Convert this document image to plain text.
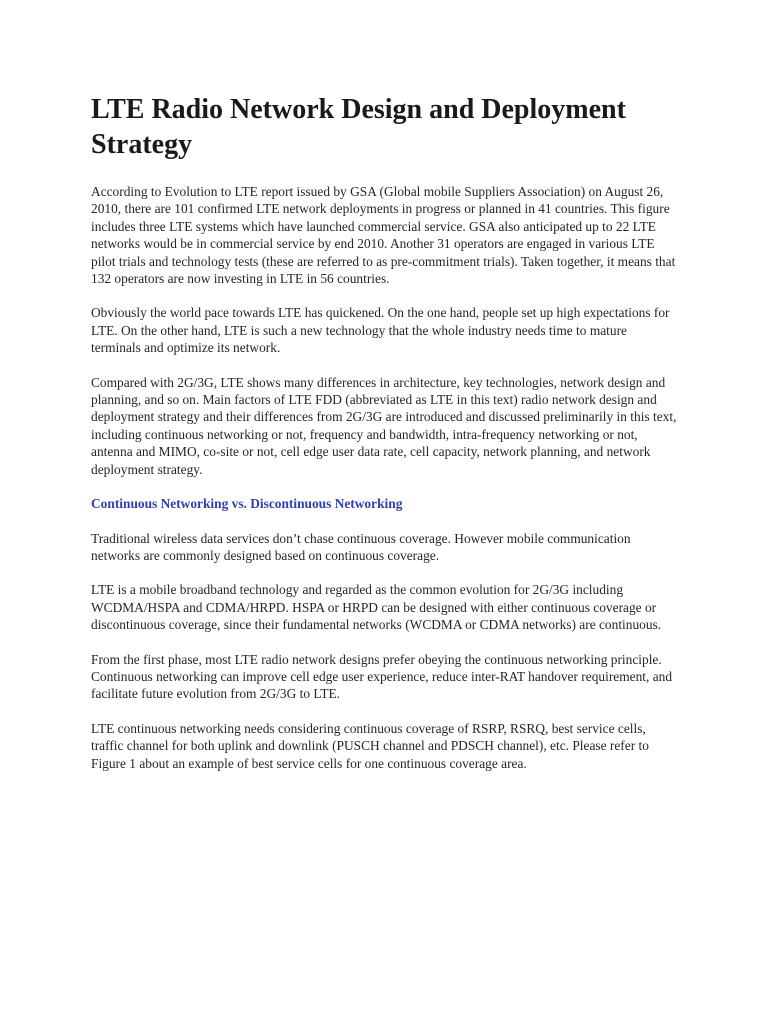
LTE Radio Network Design and Deployment Strategy

According to Evolution to LTE report issued by GSA (Global mobile Suppliers Association) on August 26, 2010, there are 101 confirmed LTE network deployments in progress or planned in 41 countries. This figure includes three LTE systems which have launched commercial service. GSA also anticipated up to 22 LTE networks would be in commercial service by end 2010. Another 31 operators are engaged in various LTE pilot trials and technology tests (these are referred to as pre-commitment trials). Taken together, it means that 132 operators are now investing in LTE in 56 countries.

Obviously the world pace towards LTE has quickened. On the one hand, people set up high expectations for LTE. On the other hand, LTE is such a new technology that the whole industry needs time to mature terminals and optimize its network.

Compared with 2G/3G, LTE shows many differences in architecture, key technologies, network design and planning, and so on. Main factors of LTE FDD (abbreviated as LTE in this text) radio network design and deployment strategy and their differences from 2G/3G are introduced and discussed preliminarily in this text, including continuous networking or not, frequency and bandwidth, intra-frequency networking or not, antenna and MIMO, co-site or not, cell edge user data rate, cell capacity, network planning, and network deployment strategy.

Continuous Networking vs. Discontinuous Networking

Traditional wireless data services don’t chase continuous coverage. However mobile communication networks are commonly designed based on continuous coverage.

LTE is a mobile broadband technology and regarded as the common evolution for 2G/3G including WCDMA/HSPA and CDMA/HRPD. HSPA or HRPD can be designed with either continuous coverage or discontinuous coverage, since their fundamental networks (WCDMA or CDMA networks) are continuous.

From the first phase, most LTE radio network designs prefer obeying the continuous networking principle. Continuous networking can improve cell edge user experience, reduce inter-RAT handover requirement, and facilitate future evolution from 2G/3G to LTE.

LTE continuous networking needs considering continuous coverage of RSRP, RSRQ, best service cells, traffic channel for both uplink and downlink (PUSCH channel and PDSCH channel), etc. Please refer to Figure 1 about an example of best service cells for one continuous coverage area.
